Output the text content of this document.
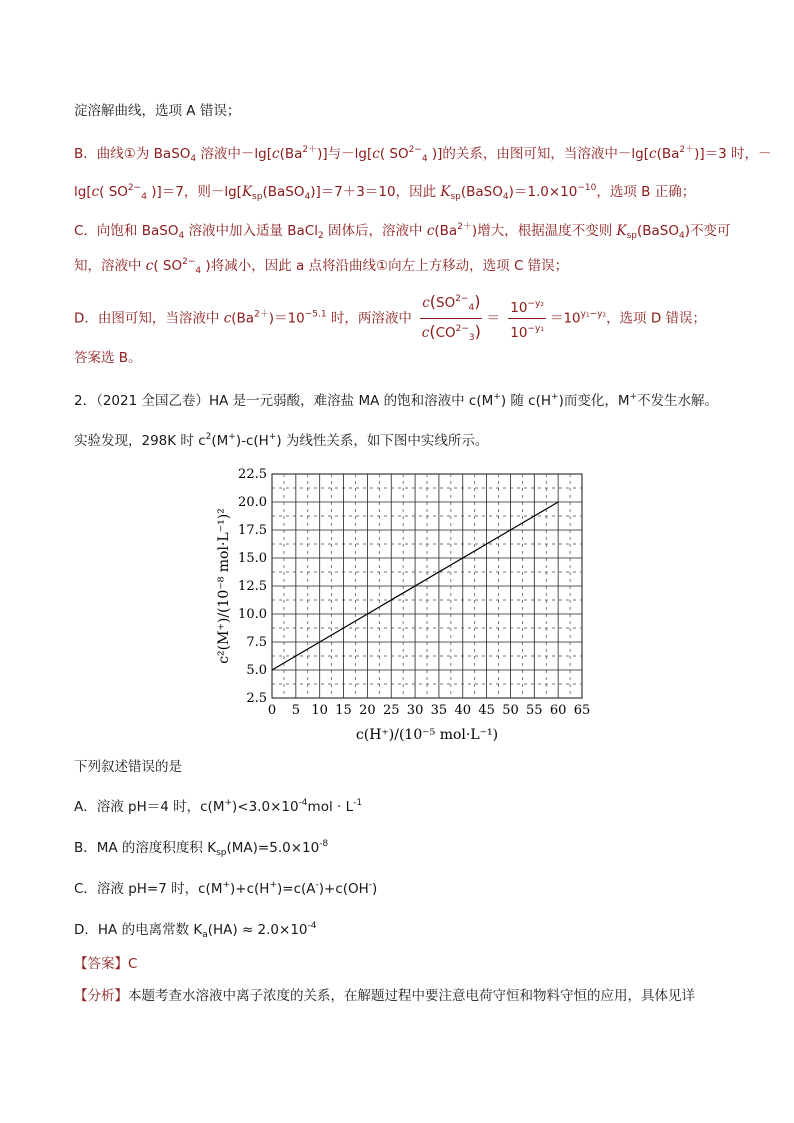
淀溶解曲线，选项 A 错误；
B．曲线①为 BaSO$_4$ 溶液中$-\lg[c(Ba^{2+})]$与－lg[c( $SO^{2-}_4$ )]的关系，由图可知，当溶液中$-\lg[c(Ba^{2+})]=3$ 时，－
lg[c( $SO^{2-}_4$ )]＝7，则$-\lg[K_{sp}(BaSO_4)]=7+3=10$，因此 $K_{sp}(BaSO_4)=1.0\times 10^{-10}$，选项 B 正确；
C．向饱和 BaSO$_4$ 溶液中加入适量 BaCl$_2$ 固体后，溶液中 $c(Ba^{2+})$增大，根据温度不变则 $K_{sp}(BaSO_4)$不变可
知，溶液中 c( $SO^{2-}_4$ )将减小，因此 a 点将沿曲线①向左上方移动，选项 C 错误；
D．由图可知，当溶液中 $c(Ba^{2+})=10^{-5.1}$ 时，两溶液中 $\frac{c(SO^{2-}_4)}{c(CO^{2-}_3)} = \frac{10^{-y_2}}{10^{-y_1}} =10^{y_1-y_2}$，选项 D 错误；
答案选 B。
2．（2021 全国乙卷）HA 是一元弱酸，难溶盐 MA 的饱和溶液中 c(M+) 随 c(H+)而变化，M+不发生水解。
实验发现，298K 时 $c^2(M^+)-c(H^+)$ 为线性关系，如下图中实线所示。
0 5 10 15 20 25 30 35 40 45 50 55 60 65
2.5
5.0
7.5
10.0
12.5
15.0
17.5
20.0
22.5
c(H⁺)/(10⁻⁵ mol·L⁻¹)
c²(M⁺)/(10⁻⁸ mol·L⁻¹)²
下列叙述错误的是
A．溶液 pH＝4 时，$c(M^+)<3.0\times 10^{-4}mol \cdot L^{-1}$
B．MA 的溶度积度积 $K_{sp}(MA)=5.0\times 10^{-8}$
C．溶液 pH=7 时，c(M+)+c(H+)=c(A-)+c(OH-)
D．HA 的电离常数 $K_a(HA) \approx 2.0\times 10^{-4}$
【答案】C
【分析】本题考查水溶液中离子浓度的关系，在解题过程中要注意电荷守恒和物料守恒的应用，具体见详
